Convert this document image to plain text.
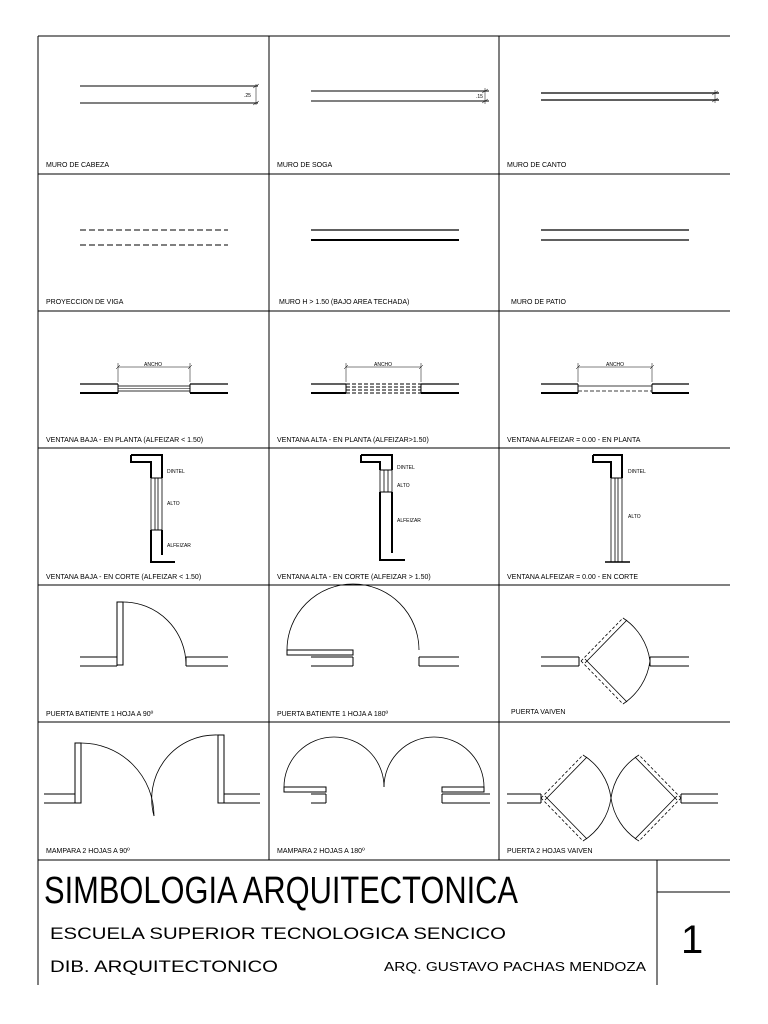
.25
MURO DE CABEZA
.15
MURO DE SOGA	MURO DE CANTO
PROYECCION DE VIGA	MURO H > 1.50 (BAJO AREA TECHADA)	MURO DE PATIO
ANCHO
VENTANA BAJA - EN PLANTA (ALFEIZAR < 1.50)
ANCHO
VENTANA ALTA - EN PLANTA (ALFEIZAR>1.50)
ANCHO
VENTANA ALFEIZAR = 0.00 - EN PLANTA
DINTEL
ALTO
ALFEIZAR
VENTANA BAJA - EN CORTE (ALFEIZAR < 1.50)
DINTEL
ALTO
ALFEIZAR
VENTANA ALTA - EN CORTE (ALFEIZAR > 1.50)
DINTEL
ALTO
VENTANA ALFEIZAR = 0.00 - EN CORTE
PUERTA BATIENTE 1 HOJA A 90º	PUERTA BATIENTE 1 HOJA A 180º	PUERTA VAIVEN
MAMPARA 2 HOJAS A 90º	MAMPARA 2 HOJAS A 180º	PUERTA 2 HOJAS VAIVEN
SIMBOLOGIA ARQUITECTONICA
ESCUELA SUPERIOR TECNOLOGICA SENCICO
DIB. ARQUITECTONICO	ARQ. GUSTAVO PACHAS MENDOZA
1
